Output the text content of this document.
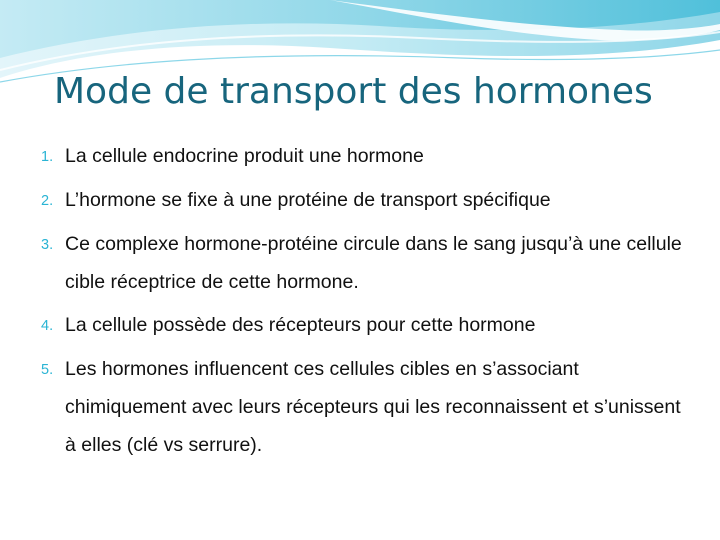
Mode de transport des hormones
1. La cellule endocrine produit une hormone
2. L’hormone se fixe à une protéine de transport spécifique
3. Ce complexe hormone-protéine circule dans le sang jusqu’à une cellule cible réceptrice de cette hormone.
4. La cellule possède des récepteurs pour cette hormone
5. Les hormones influencent ces cellules cibles en s’associant chimiquement avec leurs récepteurs qui les reconnaissent et s’unissent à elles (clé vs serrure).
